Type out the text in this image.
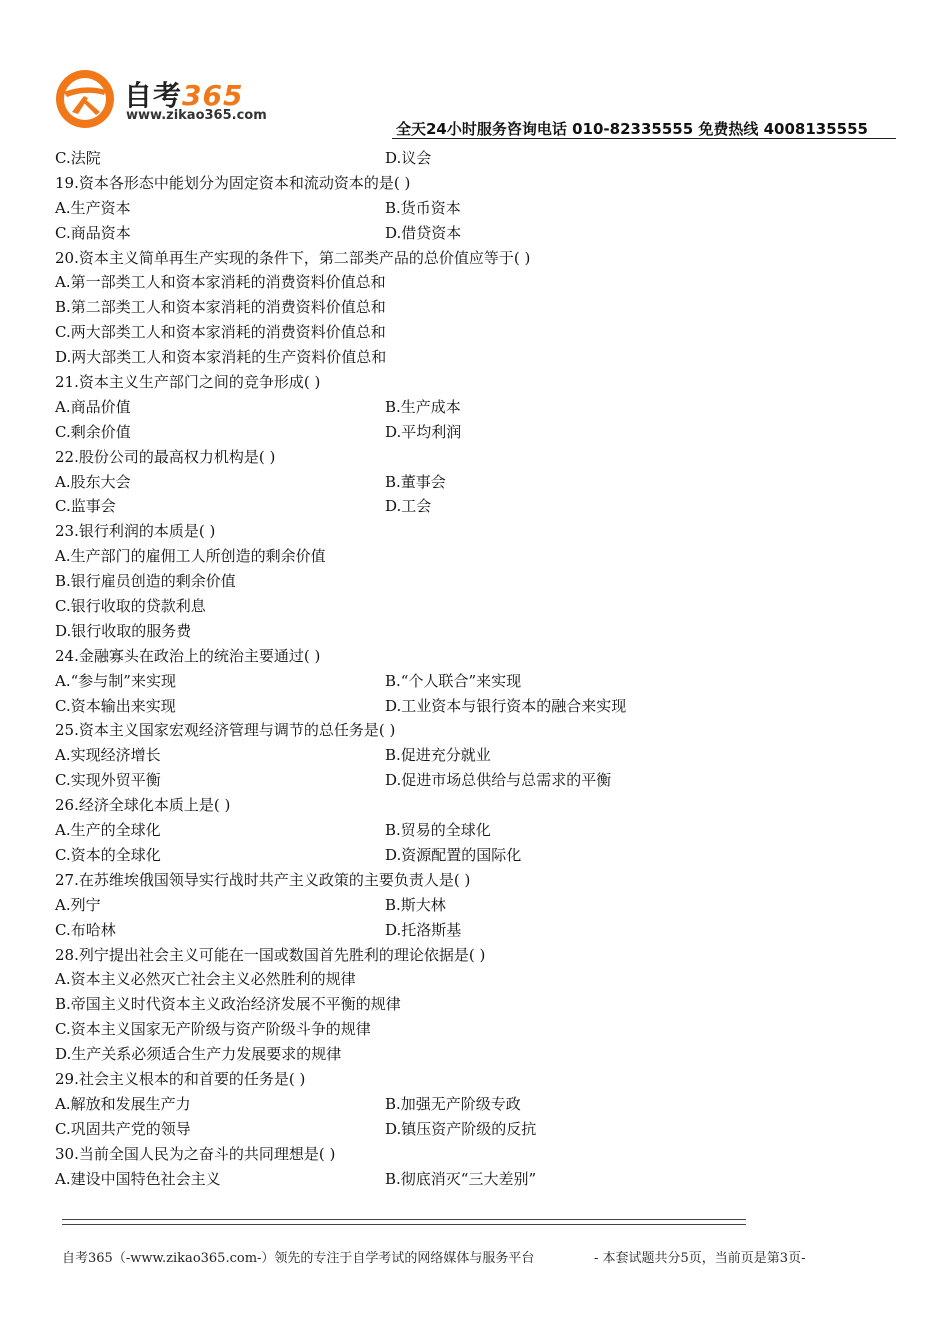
自考365
www.zikao365.com
全天24小时服务咨询电话 010-82335555 免费热线 4008135555
C.法院	D.议会
19.资本各形态中能划分为固定资本和流动资本的是( )
A.生产资本	B.货币资本
C.商品资本	D.借贷资本
20.资本主义简单再生产实现的条件下，第二部类产品的总价值应等于( )
A.第一部类工人和资本家消耗的消费资料价值总和
B.第二部类工人和资本家消耗的消费资料价值总和
C.两大部类工人和资本家消耗的消费资料价值总和
D.两大部类工人和资本家消耗的生产资料价值总和
21.资本主义生产部门之间的竞争形成( )
A.商品价值	B.生产成本
C.剩余价值	D.平均利润
22.股份公司的最高权力机构是( )
A.股东大会	B.董事会
C.监事会	D.工会
23.银行利润的本质是( )
A.生产部门的雇佣工人所创造的剩余价值
B.银行雇员创造的剩余价值
C.银行收取的贷款利息
D.银行收取的服务费
24.金融寡头在政治上的统治主要通过( )
A.“参与制”来实现	B.“个人联合”来实现
C.资本输出来实现	D.工业资本与银行资本的融合来实现
25.资本主义国家宏观经济管理与调节的总任务是( )
A.实现经济增长	B.促进充分就业
C.实现外贸平衡	D.促进市场总供给与总需求的平衡
26.经济全球化本质上是( )
A.生产的全球化	B.贸易的全球化
C.资本的全球化	D.资源配置的国际化
27.在苏维埃俄国领导实行战时共产主义政策的主要负责人是( )
A.列宁	B.斯大林
C.布哈林	D.托洛斯基
28.列宁提出社会主义可能在一国或数国首先胜利的理论依据是( )
A.资本主义必然灭亡社会主义必然胜利的规律
B.帝国主义时代资本主义政治经济发展不平衡的规律
C.资本主义国家无产阶级与资产阶级斗争的规律
D.生产关系必须适合生产力发展要求的规律
29.社会主义根本的和首要的任务是( )
A.解放和发展生产力	B.加强无产阶级专政
C.巩固共产党的领导	D.镇压资产阶级的反抗
30.当前全国人民为之奋斗的共同理想是( )
A.建设中国特色社会主义	B.彻底消灭“三大差别”
自考365（-www.zikao365.com-）领先的专注于自学考试的网络媒体与服务平台	- 本套试题共分5页，当前页是第3页-
